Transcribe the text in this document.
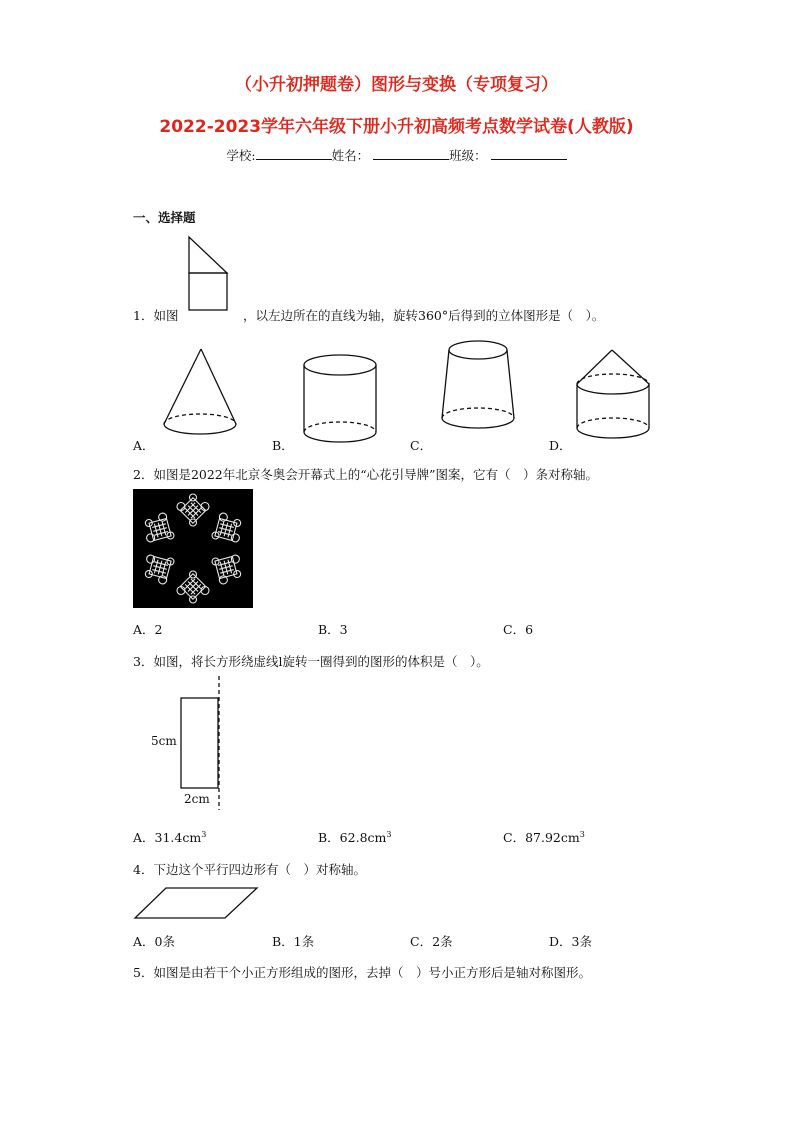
（小升初押题卷）图形与变换（专项复习）
2022-2023学年六年级下册小升初高频考点数学试卷(人教版)
学校:	姓名：	班级：
一、选择题
1．如图	，以左边所在的直线为轴，旋转360°后得到的立体图形是（　）。
A．	B．	C．	D．
2．如图是2022年北京冬奥会开幕式上的“心花引导牌”图案，它有（　）条对称轴。
A．2	B．3	C．6
3．如图，将长方形绕虚线l旋转一圈得到的图形的体积是（　）。
5cm
2cm
A．$31.4cm^3$	B．$62.8cm^3$	C．$87.92cm^3$
4．下边这个平行四边形有（　）对称轴。
A．0条	B．1条	C．2条	D．3条
5．如图是由若干个小正方形组成的图形，去掉（　）号小正方形后是轴对称图形。
